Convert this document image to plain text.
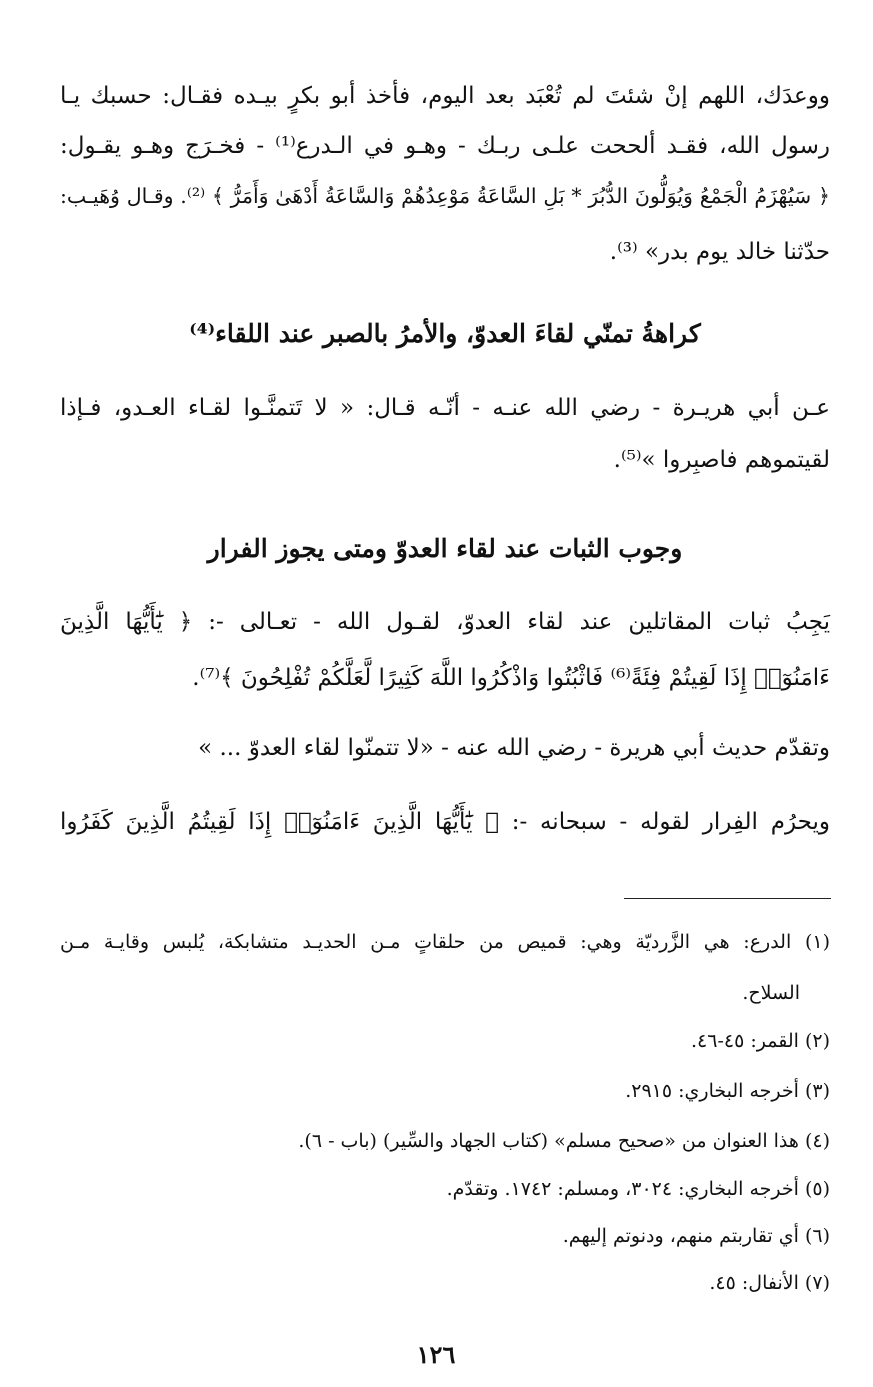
ووعدَك، اللهم إنْ شئتَ لم تُعْبَد بعد اليوم، فأخذ أبو بكرٍ بيـده فقـال: حسبك يـا
رسول الله، فقـد ألححت علـى ربـك - وهـو في الـدرع⁽¹⁾ - فخـرَج وهـو يقـول:
﴿ سَيُهْزَمُ الْجَمْعُ وَيُوَلُّونَ الدُّبُرَ * بَلِ السَّاعَةُ مَوْعِدُهُمْ وَالسَّاعَةُ أَدْهَىٰ وَأَمَرُّ ﴾ ⁽²⁾. وقـال وُهَيـب:
حدّثنا خالد يوم بدر» ⁽³⁾.
كراهةُ تمنّي لقاءَ العدوّ، والأمرُ بالصبر عند اللقاء⁽⁴⁾
عـن أبي هريـرة - رضي الله عنـه - أنّـه قـال: « لا تَتمنَّـوا لقـاء العـدو، فـإذا
لقيتموهم فاصبِروا »⁽⁵⁾.
وجوب الثبات عند لقاء العدوّ ومتى يجوز الفرار
يَجِبُ ثبات المقاتلين عند لقاء العدوّ، لقـول الله - تعـالى -: ﴿ يَٰٓأَيُّهَا الَّذِينَ
ءَامَنُوٓا۟ إِذَا لَقِيتُمْ فِئَةً⁽⁶⁾ فَاثْبُتُوا وَاذْكُرُوا اللَّهَ كَثِيرًا لَّعَلَّكُمْ تُفْلِحُونَ ﴾⁽⁷⁾.
وتقدّم حديث أبي هريرة - رضي الله عنه - «لا تتمنّوا لقاء العدوّ ... »
ويحرُم الفِرار لقوله - سبحانه -: ﴿ يَٰٓأَيُّهَا الَّذِينَ ءَامَنُوٓا۟ إِذَا لَقِيتُمُ الَّذِينَ كَفَرُوا
(١) الدرع: هي الزَّرديّة وهي: قميص من حلقاتٍ مـن الحديـد متشابكة، يُلبس وقايـة مـن
السلاح.
(٢) القمر: ٤٥-٤٦.
(٣) أخرجه البخاري: ٢٩١٥.
(٤) هذا العنوان من «صحيح مسلم» (كتاب الجهاد والسِّير) (باب - ٦).
(٥) أخرجه البخاري: ٣٠٢٤، ومسلم: ١٧٤٢. وتقدّم.
(٦) أي تقاربتم منهم، ودنوتم إليهم.
(٧) الأنفال: ٤٥.
١٢٦
